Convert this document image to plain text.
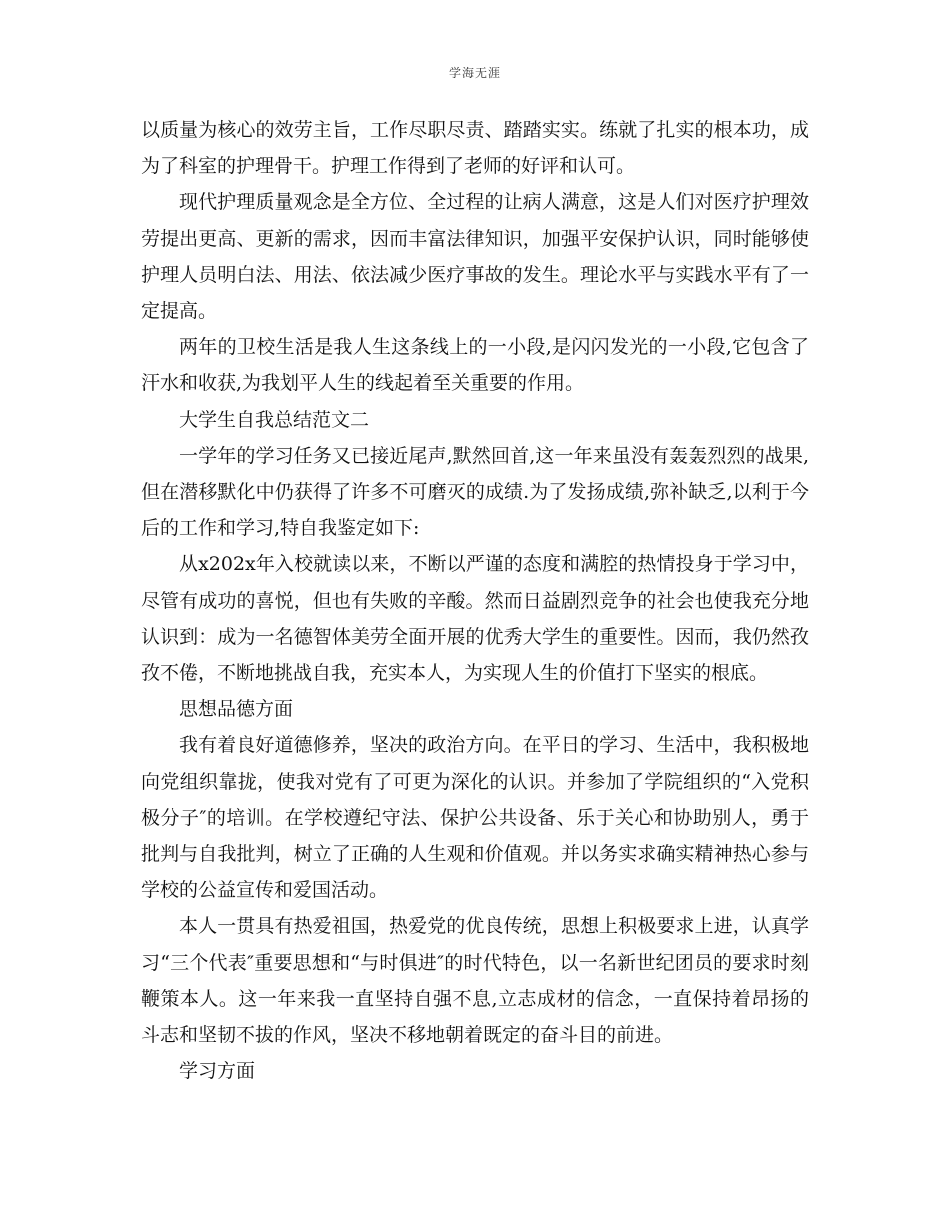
学海无涯

以质量为核心的效劳主旨，工作尽职尽责、踏踏实实。练就了扎实的根本功，成为了科室的护理骨干。护理工作得到了老师的好评和认可。

现代护理质量观念是全方位、全过程的让病人满意，这是人们对医疗护理效劳提出更高、更新的需求，因而丰富法律知识，加强平安保护认识，同时能够使护理人员明白法、用法、依法减少医疗事故的发生。理论水平与实践水平有了一定提高。

两年的卫校生活是我人生这条线上的一小段,是闪闪发光的一小段,它包含了汗水和收获,为我划平人生的线起着至关重要的作用。

大学生自我总结范文二

一学年的学习任务又已接近尾声,默然回首,这一年来虽没有轰轰烈烈的战果,但在潜移默化中仍获得了许多不可磨灭的成绩.为了发扬成绩,弥补缺乏,以利于今后的工作和学习,特自我鉴定如下:

从x202x年入校就读以来，不断以严谨的态度和满腔的热情投身于学习中，尽管有成功的喜悦，但也有失败的辛酸。然而日益剧烈竞争的社会也使我充分地认识到：成为一名德智体美劳全面开展的优秀大学生的重要性。因而，我仍然孜孜不倦，不断地挑战自我，充实本人，为实现人生的价值打下坚实的根底。

思想品德方面

我有着良好道德修养，坚决的政治方向。在平日的学习、生活中，我积极地向党组织靠拢，使我对党有了可更为深化的认识。并参加了学院组织的“入党积极分子″的培训。在学校遵纪守法、保护公共设备、乐于关心和协助别人，勇于批判与自我批判，树立了正确的人生观和价值观。并以务实求确实精神热心参与学校的公益宣传和爱国活动。

本人一贯具有热爱祖国，热爱党的优良传统，思想上积极要求上进，认真学习“三个代表″重要思想和“与时俱进″的时代特色，以一名新世纪团员的要求时刻鞭策本人。这一年来我一直坚持自强不息,立志成材的信念，一直保持着昂扬的斗志和坚韧不拔的作风，坚决不移地朝着既定的奋斗目的前进。

学习方面
